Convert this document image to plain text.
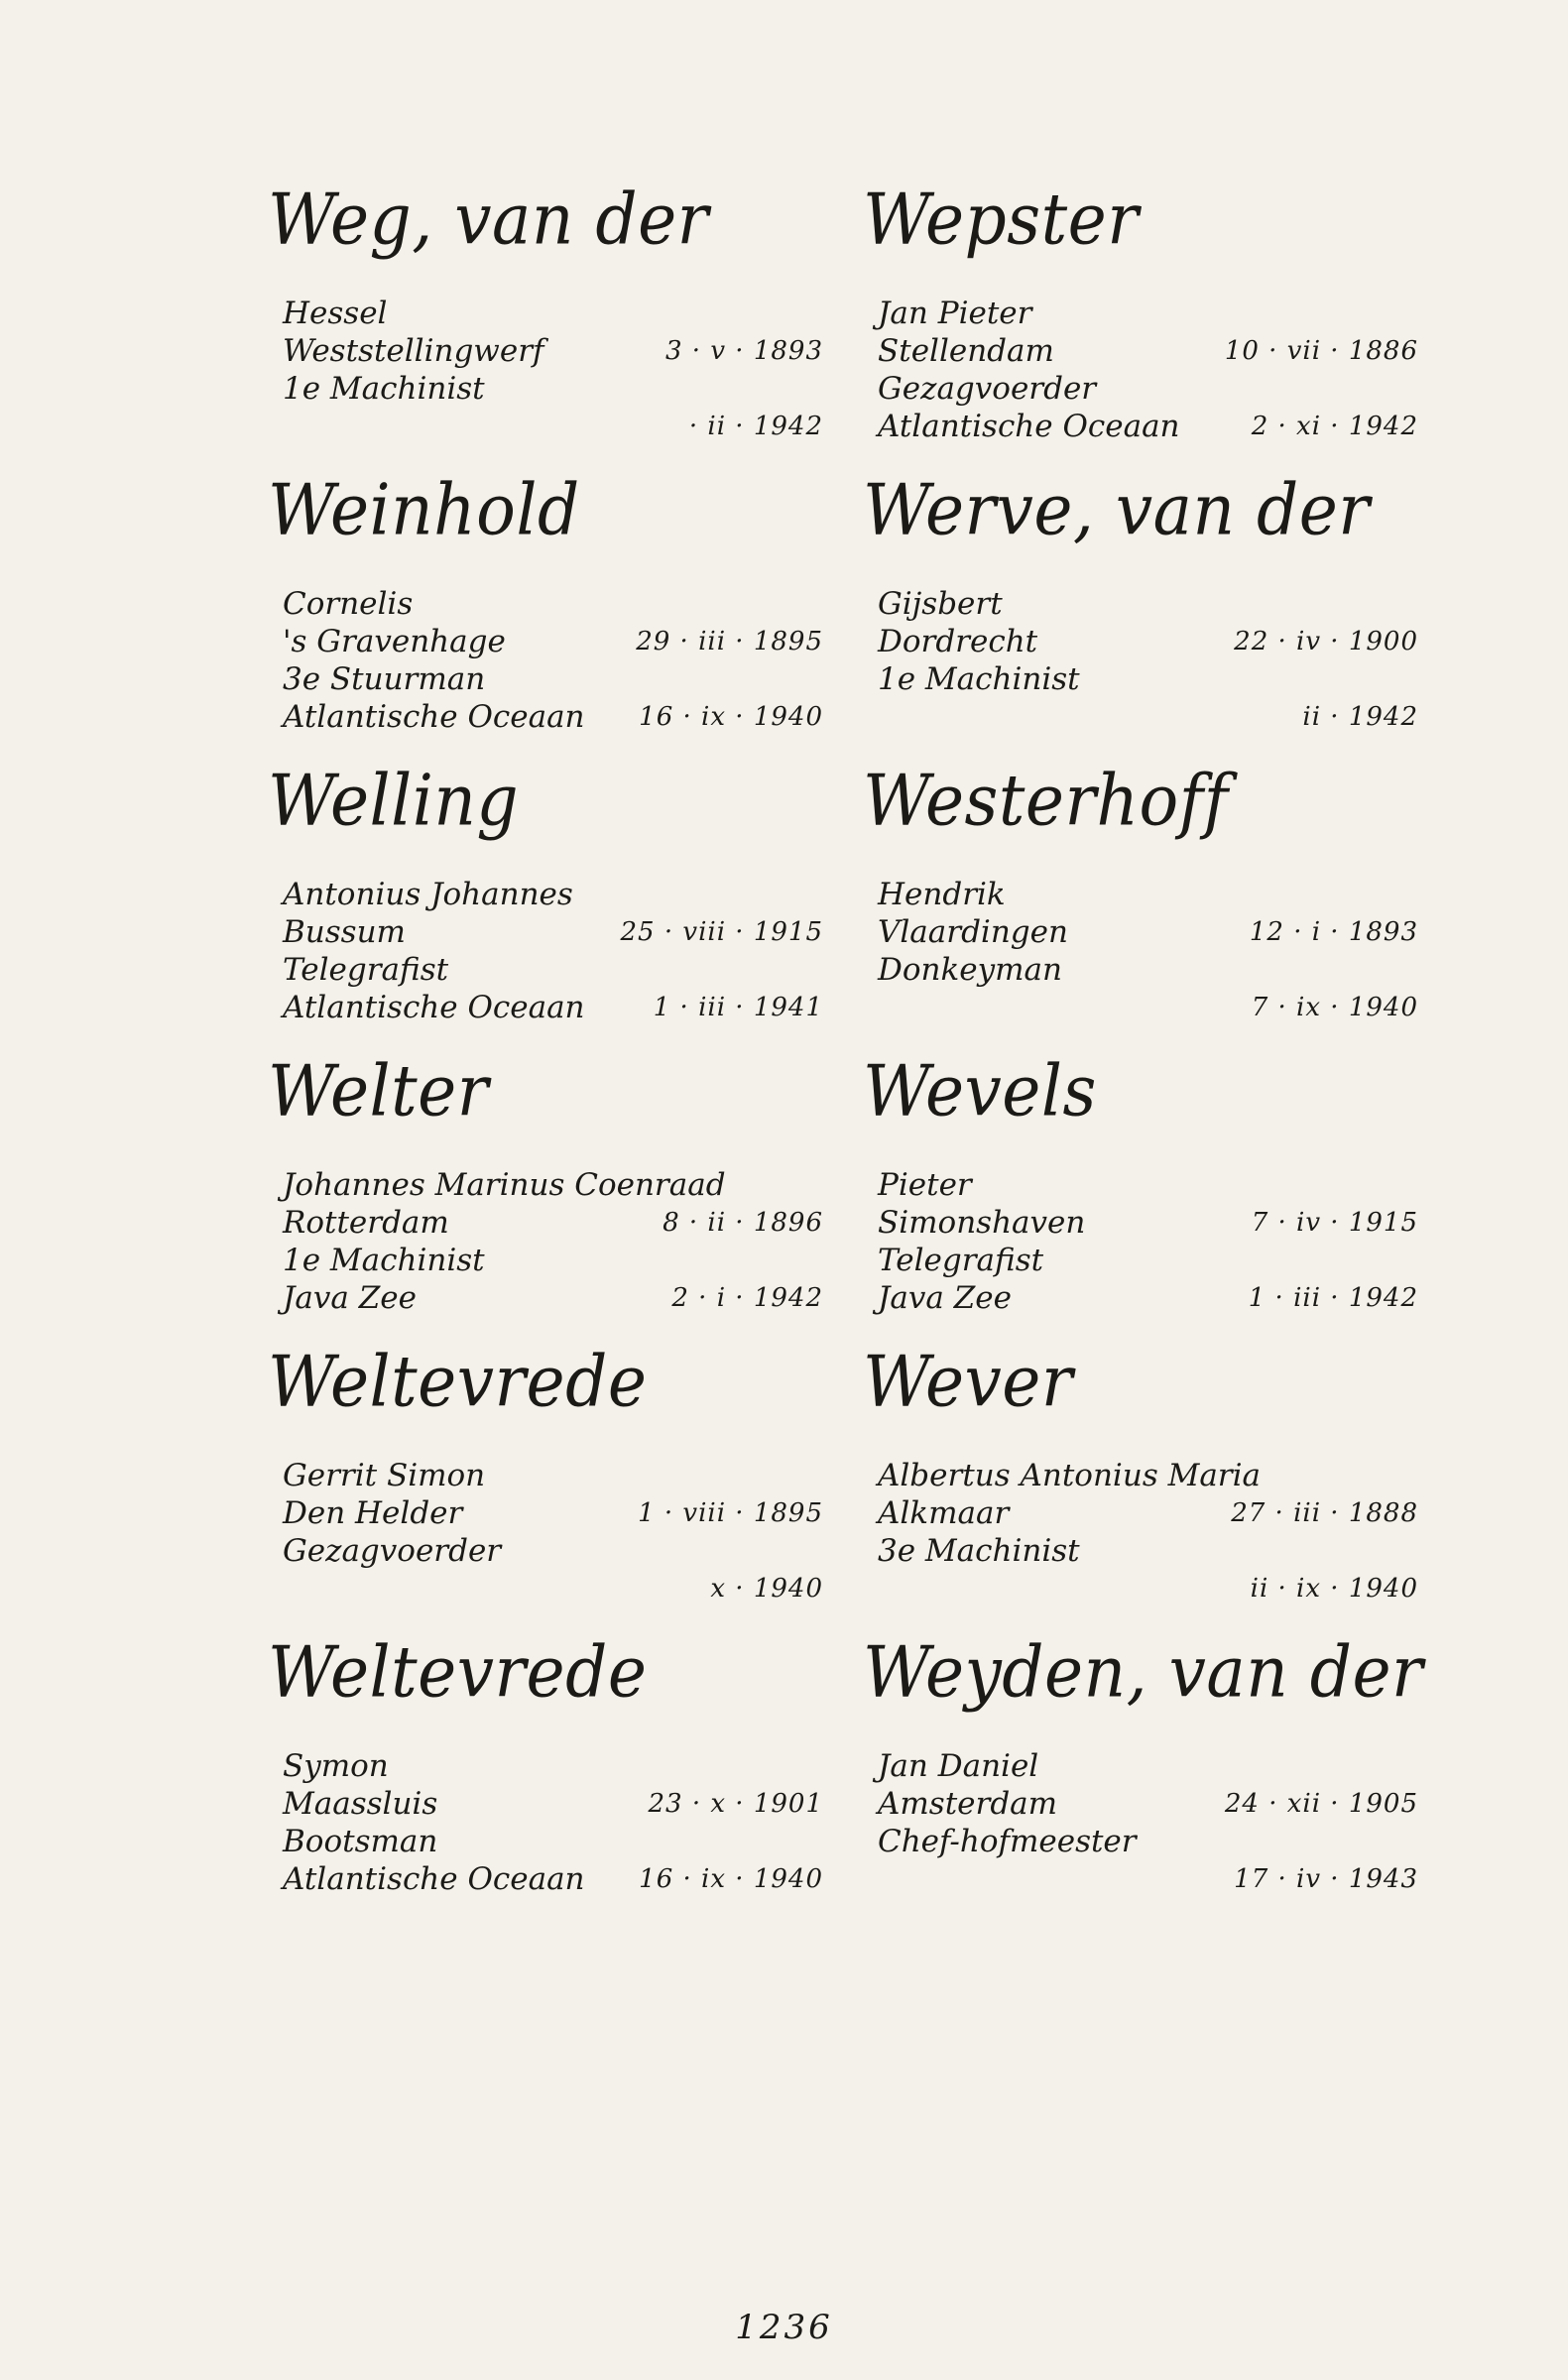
Weg, van der
Hessel
Weststellingwerf	3 · v · 1893
1e Machinist
· ii · 1942
Weinhold
Cornelis
's Gravenhage	29 · iii · 1895
3e Stuurman
Atlantische Oceaan 16 · ix · 1940
Welling
Antonius Johannes
Bussum	25 · viii · 1915
Telegrafist
Atlantische Oceaan	1 · iii · 1941
Welter
Johannes Marinus Coenraad
Rotterdam	8 · ii · 1896
1e Machinist
Java Zee	2 · i · 1942
Weltevrede
Gerrit Simon
Den Helder	1 · viii · 1895
Gezagvoerder
x · 1940
Weltevrede
Symon
Maassluis	23 · x · 1901
Bootsman
Atlantische Oceaan 16 · ix · 1940
Wepster
Jan Pieter
Stellendam	10 · vii · 1886
Gezagvoerder
Atlantische Oceaan	2 · xi · 1942
Werve, van der
Gijsbert
Dordrecht	22 · iv · 1900
1e Machinist
ii · 1942
Westerhoff
Hendrik
Vlaardingen	12 · i · 1893
Donkeyman
7 · ix · 1940
Wevels
Pieter
Simonshaven	7 · iv · 1915
Telegrafist
Java Zee	1 · iii · 1942
Wever
Albertus Antonius Maria
Alkmaar	27 · iii · 1888
3e Machinist
ii · ix · 1940
Weyden, van der
Jan Daniel
Amsterdam	24 · xii · 1905
Chef-hofmeester
17 · iv · 1943
1236
